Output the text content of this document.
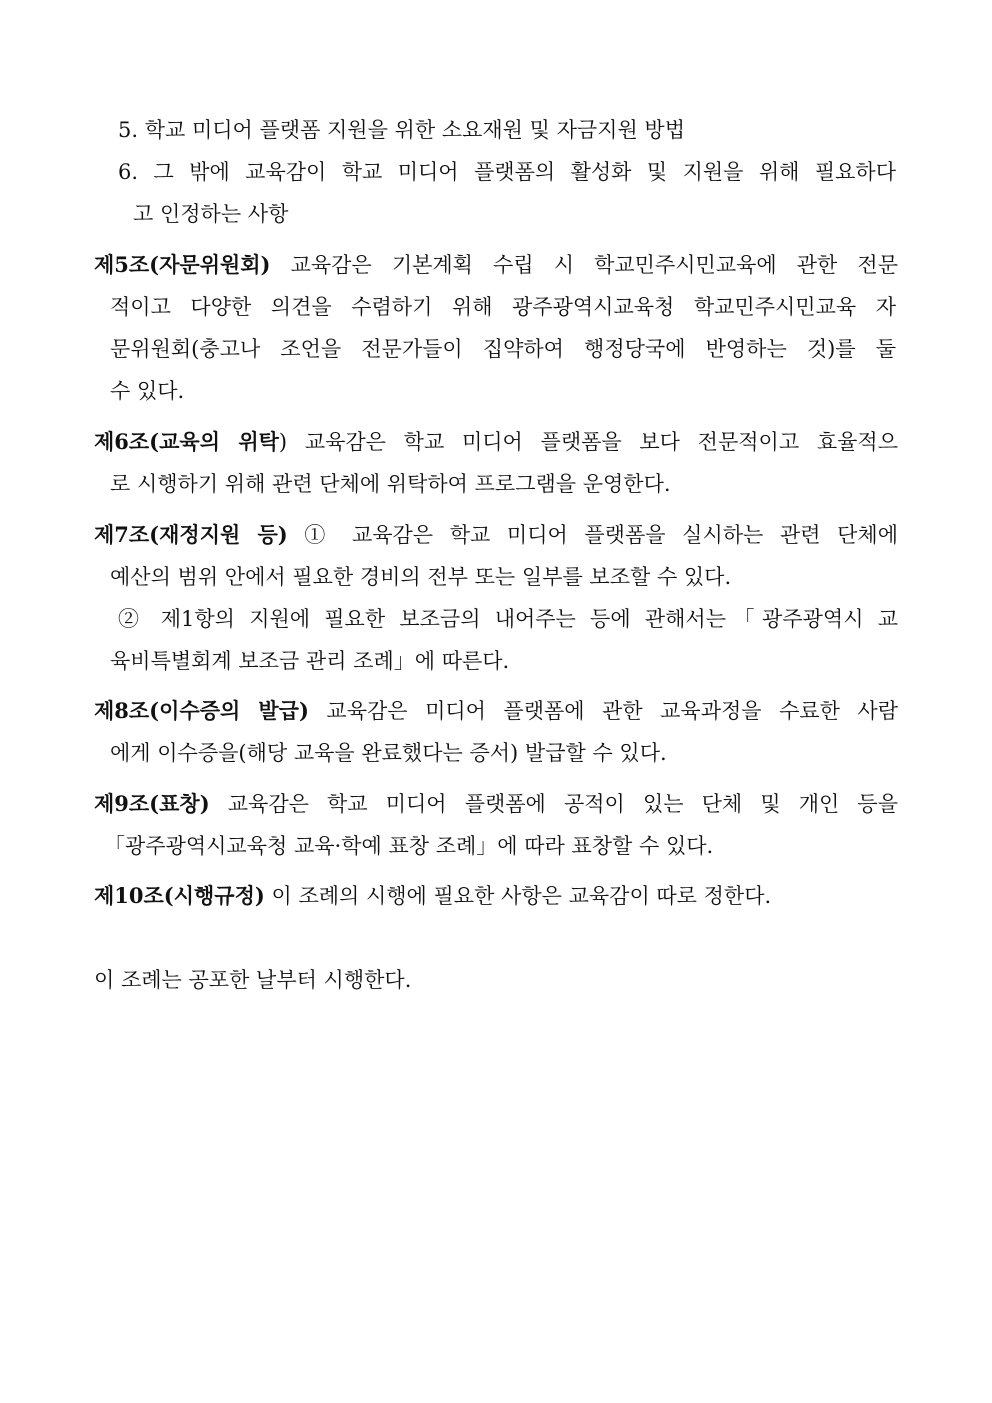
5. 학교 미디어 플랫폼 지원을 위한 소요재원 및 자금지원 방법
6. 그 밖에 교육감이 학교 미디어 플랫폼의 활성화 및 지원을 위해 필요하다
고 인정하는 사항
제5조(자문위원회) 교육감은 기본계획 수립 시 학교민주시민교육에 관한 전문
적이고 다양한 의견을 수렴하기 위해 광주광역시교육청 학교민주시민교육 자
문위원회(충고나 조언을 전문가들이 집약하여 행정당국에 반영하는 것)를 둘
수 있다.
제6조(교육의 위탁) 교육감은 학교 미디어 플랫폼을 보다 전문적이고 효율적으
로 시행하기 위해 관련 단체에 위탁하여 프로그램을 운영한다.
제7조(재정지원 등) ① 교육감은 학교 미디어 플랫폼을 실시하는 관련 단체에
예산의 범위 안에서 필요한 경비의 전부 또는 일부를 보조할 수 있다.
② 제1항의 지원에 필요한 보조금의 내어주는 등에 관해서는「광주광역시 교
육비특별회계 보조금 관리 조례」에 따른다.
제8조(이수증의 발급) 교육감은 미디어 플랫폼에 관한 교육과정을 수료한 사람
에게 이수증을(해당 교육을 완료했다는 증서) 발급할 수 있다.
제9조(표창) 교육감은 학교 미디어 플랫폼에 공적이 있는 단체 및 개인 등을
「광주광역시교육청 교육·학예 표창 조례」에 따라 표창할 수 있다.
제10조(시행규정) 이 조례의 시행에 필요한 사항은 교육감이 따로 정한다.
이 조례는 공포한 날부터 시행한다.
